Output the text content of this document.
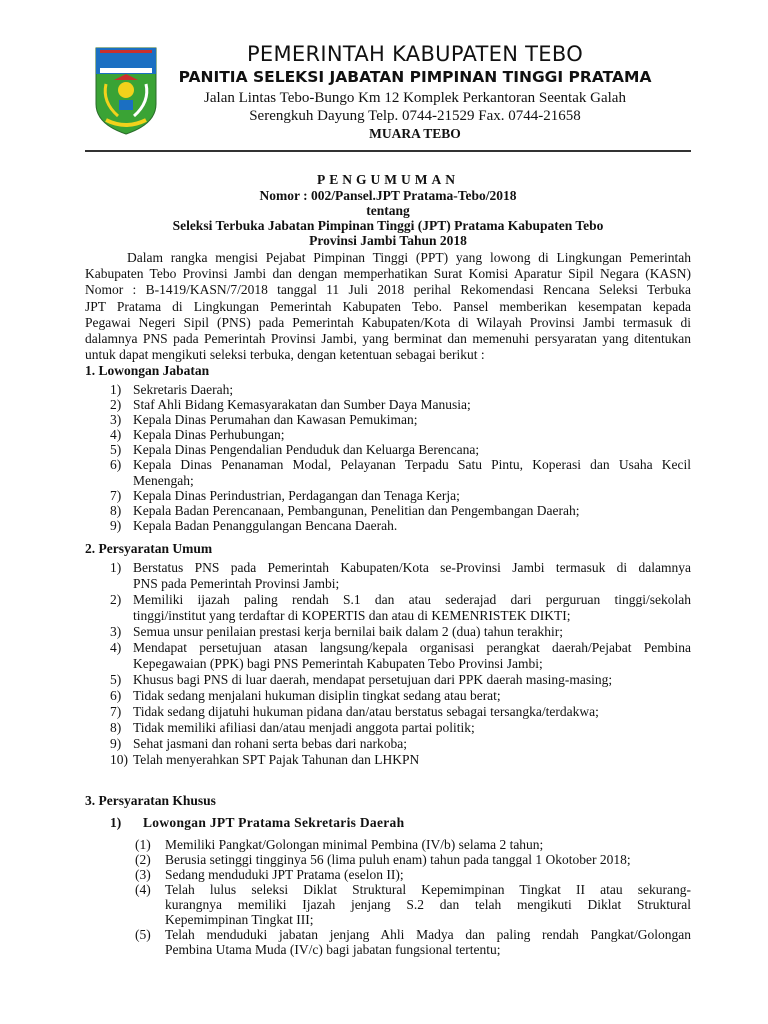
PEMERINTAH KABUPATEN TEBO
PANITIA SELEKSI JABATAN PIMPINAN TINGGI PRATAMA
Jalan Lintas Tebo-Bungo Km 12 Komplek Perkantoran Seentak Galah
Serengkuh Dayung Telp. 0744-21529 Fax. 0744-21658
MUARA TEBO
PENGUMUMAN
Nomor : 002/Pansel.JPT Pratama-Tebo/2018
tentang
Seleksi Terbuka Jabatan Pimpinan Tinggi (JPT) Pratama Kabupaten Tebo
Provinsi Jambi Tahun 2018
Dalam rangka mengisi Pejabat Pimpinan Tinggi (PPT) yang lowong di Lingkungan Pemerintah
Kabupaten Tebo Provinsi Jambi dan dengan memperhatikan Surat Komisi Aparatur Sipil Negara (KASN)
Nomor : B-1419/KASN/7/2018 tanggal 11 Juli 2018 perihal Rekomendasi Rencana Seleksi Terbuka
JPT Pratama di Lingkungan Pemerintah Kabupaten Tebo. Pansel memberikan kesempatan kepada
Pegawai Negeri Sipil (PNS) pada Pemerintah Kabupaten/Kota di Wilayah Provinsi Jambi termasuk di
dalamnya PNS pada Pemerintah Provinsi Jambi, yang berminat dan memenuhi persyaratan yang ditentukan
untuk dapat mengikuti seleksi terbuka, dengan ketentuan sebagai berikut :
1. Lowongan Jabatan
1) Sekretaris Daerah;
2) Staf Ahli Bidang Kemasyarakatan dan Sumber Daya Manusia;
3) Kepala Dinas Perumahan dan Kawasan Pemukiman;
4) Kepala Dinas Perhubungan;
5) Kepala Dinas Pengendalian Penduduk dan Keluarga Berencana;
6) Kepala Dinas Penanaman Modal, Pelayanan Terpadu Satu Pintu, Koperasi dan Usaha Kecil
Menengah;
7) Kepala Dinas Perindustrian, Perdagangan dan Tenaga Kerja;
8) Kepala Badan Perencanaan, Pembangunan, Penelitian dan Pengembangan Daerah;
9) Kepala Badan Penanggulangan Bencana Daerah.
2. Persyaratan Umum
1) Berstatus PNS pada Pemerintah Kabupaten/Kota se-Provinsi Jambi termasuk di dalamnya
PNS pada Pemerintah Provinsi Jambi;
2) Memiliki ijazah paling rendah S.1 dan atau sederajad dari perguruan tinggi/sekolah
tinggi/institut yang terdaftar di KOPERTIS dan atau di KEMENRISTEK DIKTI;
3) Semua unsur penilaian prestasi kerja bernilai baik dalam 2 (dua) tahun terakhir;
4) Mendapat persetujuan atasan langsung/kepala organisasi perangkat daerah/Pejabat Pembina
Kepegawaian (PPK) bagi PNS Pemerintah Kabupaten Tebo Provinsi Jambi;
5) Khusus bagi PNS di luar daerah, mendapat persetujuan dari PPK daerah masing-masing;
6) Tidak sedang menjalani hukuman disiplin tingkat sedang atau berat;
7) Tidak sedang dijatuhi hukuman pidana dan/atau berstatus sebagai tersangka/terdakwa;
8) Tidak memiliki afiliasi dan/atau menjadi anggota partai politik;
9) Sehat jasmani dan rohani serta bebas dari narkoba;
10) Telah menyerahkan SPT Pajak Tahunan dan LHKPN
3. Persyaratan Khusus
1) Lowongan JPT Pratama Sekretaris Daerah
(1)	Memiliki Pangkat/Golongan minimal Pembina (IV/b) selama 2 tahun;
(2)	Berusia setinggi tingginya 56 (lima puluh enam) tahun pada tanggal 1 Okotober 2018;
(3)	Sedang menduduki JPT Pratama (eselon II);
(4)	Telah lulus seleksi Diklat Struktural Kepemimpinan Tingkat II atau sekurang-
kurangnya memiliki Ijazah jenjang S.2 dan telah mengikuti Diklat Struktural
Kepemimpinan Tingkat III;
(5)	Telah menduduki jabatan jenjang Ahli Madya dan paling rendah Pangkat/Golongan
Pembina Utama Muda (IV/c) bagi jabatan fungsional tertentu;
